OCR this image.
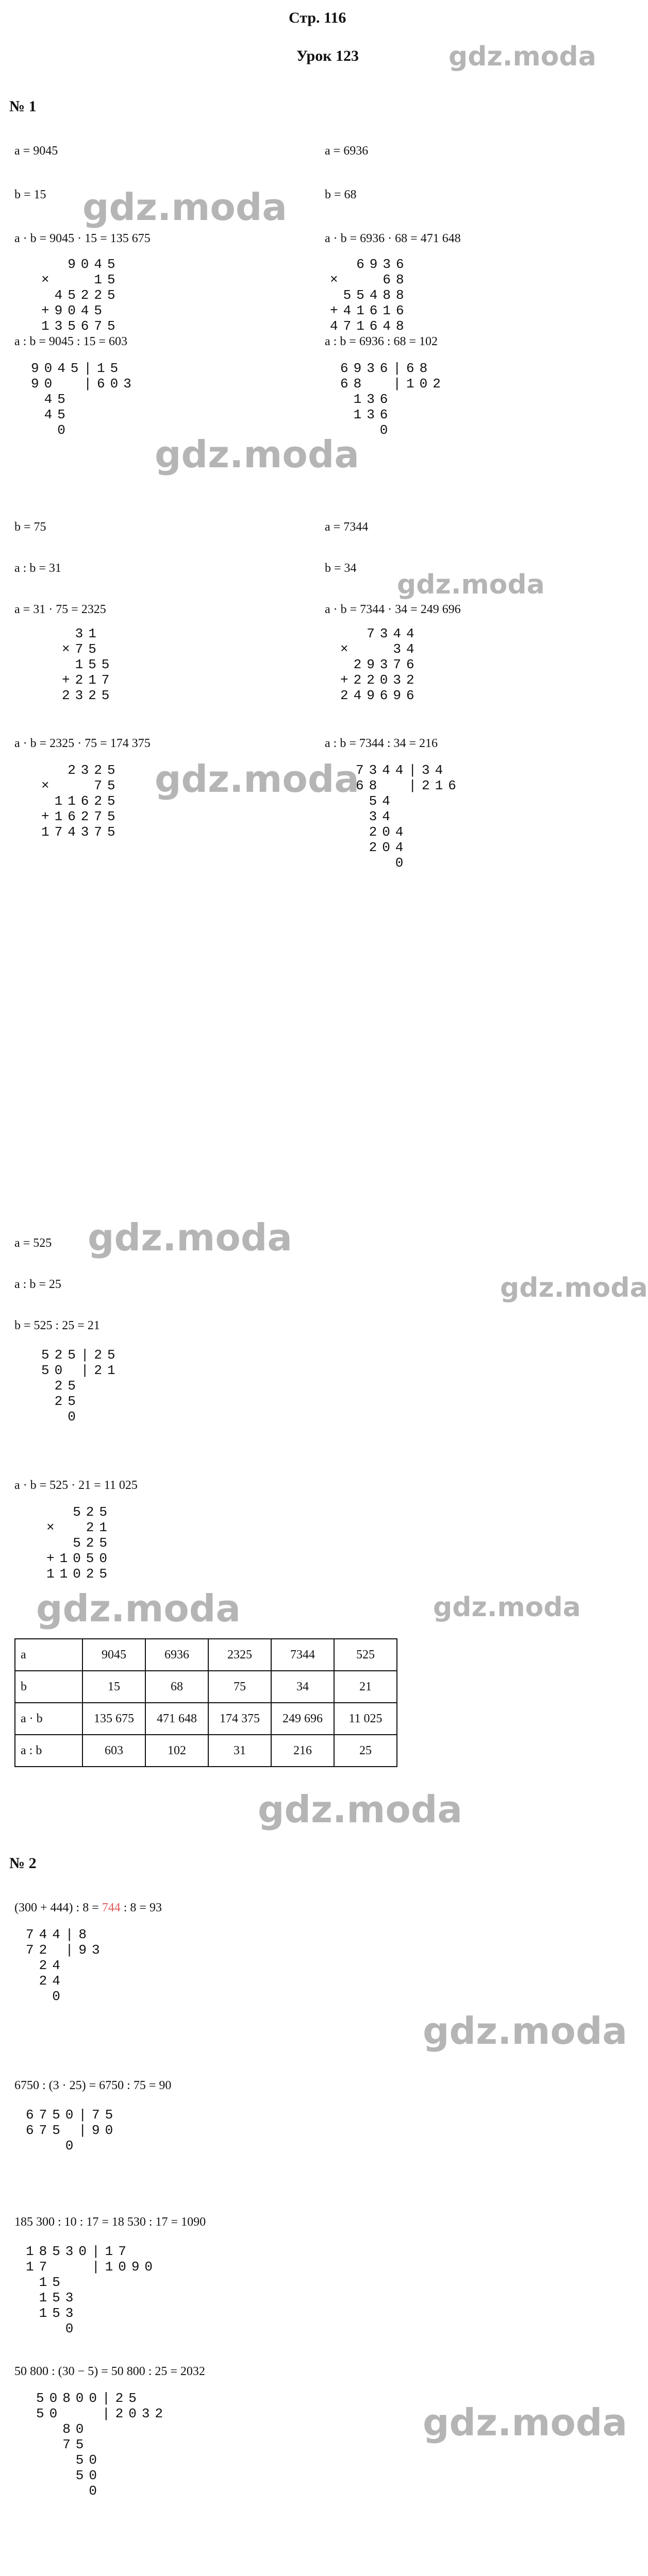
Стр. 116
Урок 123	gdz.moda
№ 1
a = 9045
b = 15
a · b = 9045 · 15 = 135 675
a = 6936
b = 68
a · b = 6936 · 68 = 471 648
9045
×   15
45225
+9045
135675
6936
×   68
55488
+41616
471648
gdz.moda
a : b = 9045 : 15 = 603	a : b = 6936 : 68 = 102
9045|15
90  |603
45
45
0
6936|68
68  |102
136
136
0
gdz.moda
b = 75
a : b = 31
a = 31 · 75 = 2325
a = 7344
b = 34
a · b = 7344 · 34 = 249 696
gdz.moda
31
×75
155
+217
2325
7344
×   34
29376
+22032
249696
a · b = 2325 · 75 = 174 375	a : b = 7344 : 34 = 216
2325
×   75
11625
+16275
174375
7344|34
68  |216
54
34
204
204
0
gdz.moda
gdz.moda
gdz.moda
a = 525
a : b = 25
b = 525 : 25 = 21
525|25
50 |21
25
25
0
a · b = 525 · 21 = 11 025
525
×  21
525
+1050
11025
gdz.moda	gdz.moda
a	9045	6936	2325	7344	525
b	15	68	75	34	21
a · b	135 675	471 648	174 375	249 696	11 025
a : b	603	102	31	216	25
gdz.moda
№ 2
(300 + 444) : 8 = 744 : 8 = 93
744|8
72 |93
24
24
0
gdz.moda
6750 : (3 · 25) = 6750 : 75 = 90
6750|75
675 |90
0
185 300 : 10 : 17 = 18 530 : 17 = 1090
18530|17
17   |1090
15
153
153
0
50 800 : (30 − 5) = 50 800 : 25 = 2032
50800|25
50   |2032
80
75
50
50
0
gdz.moda
